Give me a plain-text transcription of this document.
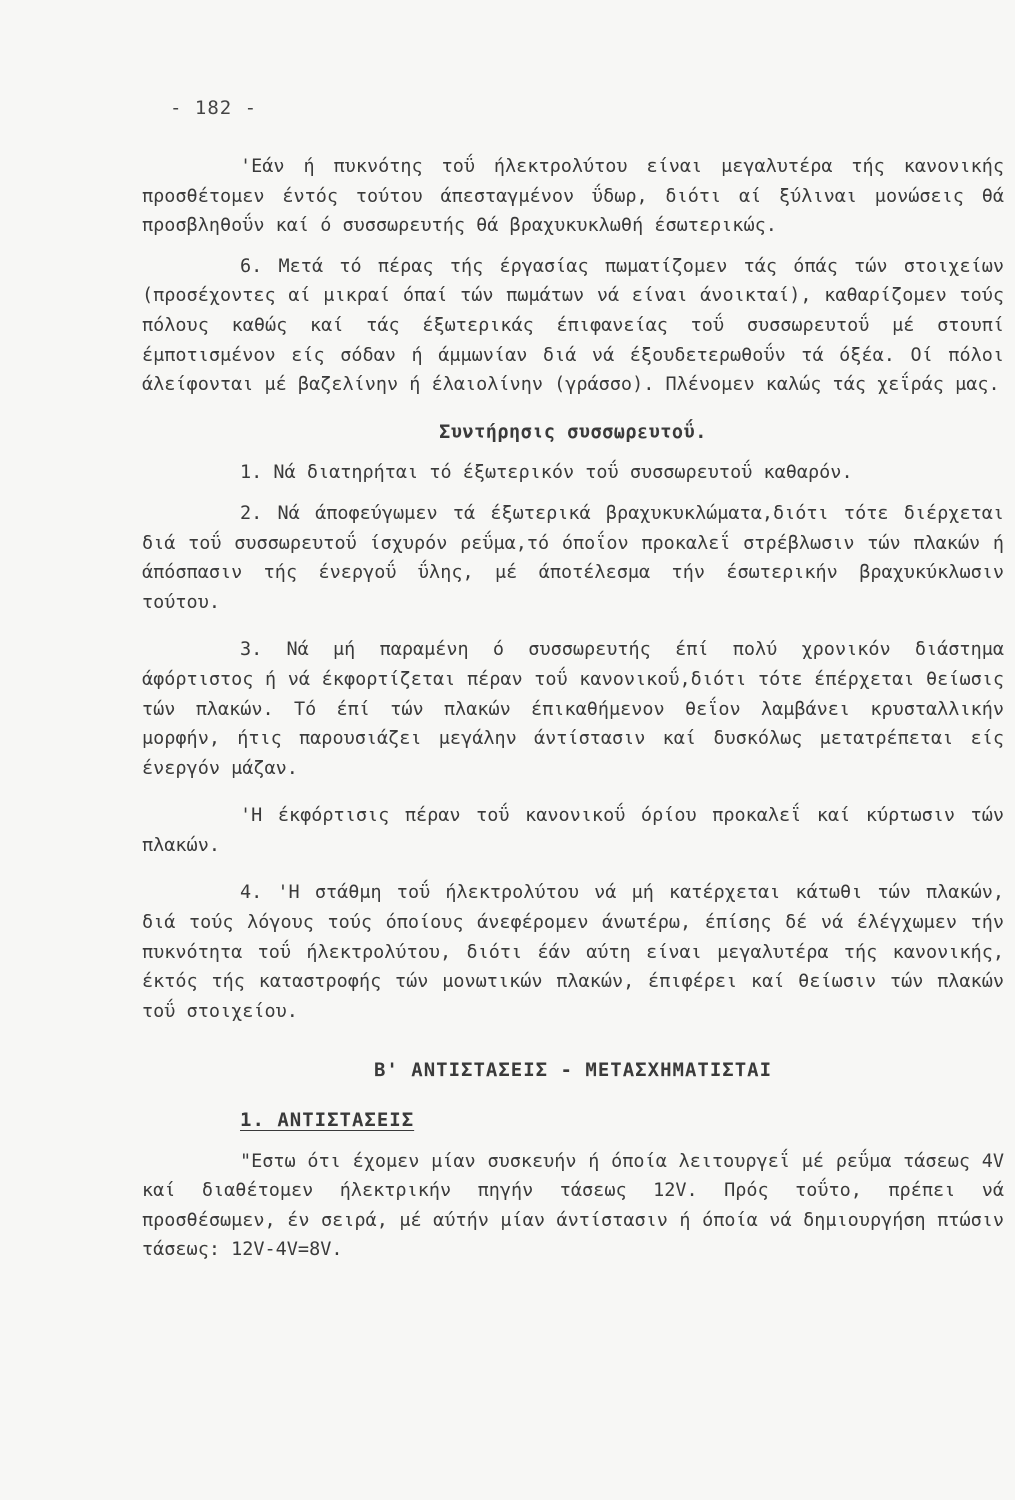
- 182 -

'Εάν ή πυκνότης τοΰ ήλεκτρολύτου είναι μεγαλυτέρα τής κανονικής προσθέτομεν έντός τούτου άπεσταγμένον ΰδωρ, διότι αί ξύλιναι μονώσεις θά προσβληθοΰν καί ό συσσωρευτής θά βραχυκυκλωθή έσωτερικώς.

6. Μετά τό πέρας τής έργασίας πωματίζομεν τάς όπάς τών στοιχείων (προσέχοντες αί μικραί όπαί τών πωμάτων νά είναι άνοικταί), καθαρίζομεν τούς πόλους καθώς καί τάς έξωτερικάς έπιφανείας τοΰ συσσωρευτοΰ μέ στουπί έμποτισμένον είς σόδαν ή άμμωνίαν διά νά έξουδετερωθοΰν τά όξέα. Οί πόλοι άλείφονται μέ βαζελίνην ή έλαιολίνην (γράσσο). Πλένομεν καλώς τάς χεΐράς μας.

Συντήρησις συσσωρευτοΰ.

1. Νά διατηρήται τό έξωτερικόν τοΰ συσσωρευτοΰ καθαρόν.

2. Νά άποφεύγωμεν τά έξωτερικά βραχυκυκλώματα,διότι τότε διέρχεται διά τοΰ συσσωρευτοΰ ίσχυρόν ρεΰμα,τό όποΐον προκαλεΐ στρέβλωσιν τών πλακών ή άπόσπασιν τής ένεργοΰ ΰλης, μέ άποτέλεσμα τήν έσωτερικήν βραχυκύκλωσιν τούτου.

3. Νά μή παραμένη ό συσσωρευτής έπί πολύ χρονικόν διάστημα άφόρτιστος ή νά έκφορτίζεται πέραν τοΰ κανονικοΰ,διότι τότε έπέρχεται θείωσις τών πλακών. Τό έπί τών πλακών έπικαθήμενον θεΐον λαμβάνει κρυσταλλικήν μορφήν, ήτις παρουσιάζει μεγάλην άντίστασιν καί δυσκόλως μετατρέπεται είς ένεργόν μάζαν.

'Η έκφόρτισις πέραν τοΰ κανονικοΰ όρίου προκαλεΐ καί κύρτωσιν τών πλακών.

4. 'Η στάθμη τοΰ ήλεκτρολύτου νά μή κατέρχεται κάτωθι τών πλακών, διά τούς λόγους τούς όποίους άνεφέρομεν άνωτέρω, έπίσης δέ νά έλέγχωμεν τήν πυκνότητα τοΰ ήλεκτρολύτου, διότι έάν αύτη είναι μεγαλυτέρα τής κανονικής, έκτός τής καταστροφής τών μονωτικών πλακών, έπιφέρει καί θείωσιν τών πλακών τοΰ στοιχείου.

Β' ΑΝΤΙΣΤΑΣΕΙΣ - ΜΕΤΑΣΧΗΜΑΤΙΣΤΑΙ

1. ΑΝΤΙΣΤΑΣΕΙΣ

"Εστω ότι έχομεν μίαν συσκευήν ή όποία λειτουργεΐ μέ ρεΰμα τάσεως 4V καί διαθέτομεν ήλεκτρικήν πηγήν τάσεως 12V. Πρός τοΰτο, πρέπει νά προσθέσωμεν, έν σειρά, μέ αύτήν μίαν άντίστασιν ή όποία νά δημιουργήση πτώσιν τάσεως: 12V-4V=8V.
